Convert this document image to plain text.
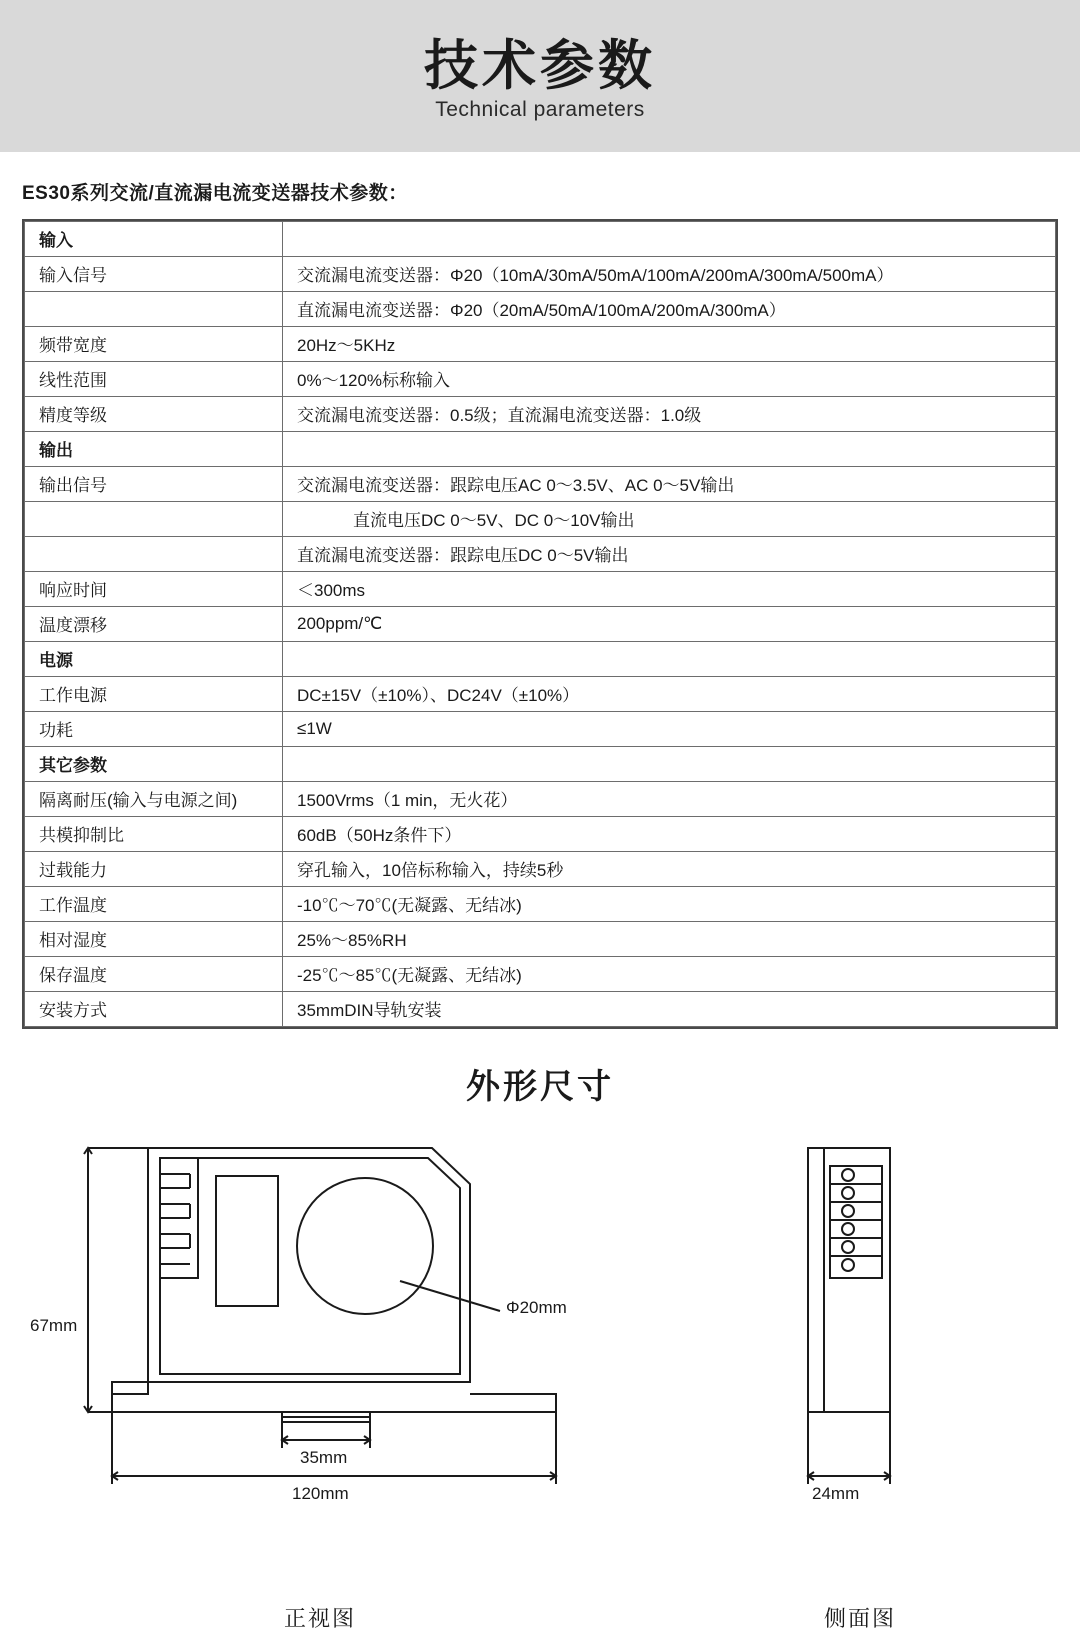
技术参数
Technical parameters
ES30系列交流/直流漏电流变送器技术参数：
输入	
输入信号	交流漏电流变送器：Φ20（10mA/30mA/50mA/100mA/200mA/300mA/500mA）
	直流漏电流变送器：Φ20（20mA/50mA/100mA/200mA/300mA）
频带宽度	20Hz～5KHz
线性范围	0%～120%标称输入
精度等级	交流漏电流变送器：0.5级；直流漏电流变送器：1.0级
输出	
输出信号	交流漏电流变送器：跟踪电压AC 0～3.5V、AC 0～5V输出
	直流电压DC 0～5V、DC 0～10V输出
	直流漏电流变送器：跟踪电压DC 0～5V输出
响应时间	＜300ms
温度漂移	200ppm/℃
电源	
工作电源	DC±15V（±10%）、DC24V（±10%）
功耗	≤1W
其它参数	
隔离耐压(输入与电源之间)	1500Vrms（1 min，无火花）
共模抑制比	60dB（50Hz条件下）
过载能力	穿孔输入，10倍标称输入，持续5秒
工作温度	-10℃～70℃(无凝露、无结冰)
相对湿度	25%～85%RH
保存温度	-25℃～85℃(无凝露、无结冰)
安装方式	35mmDIN导轨安装
外形尺寸
67mm
35mm
120mm
Φ20mm
24mm
正视图	侧面图
